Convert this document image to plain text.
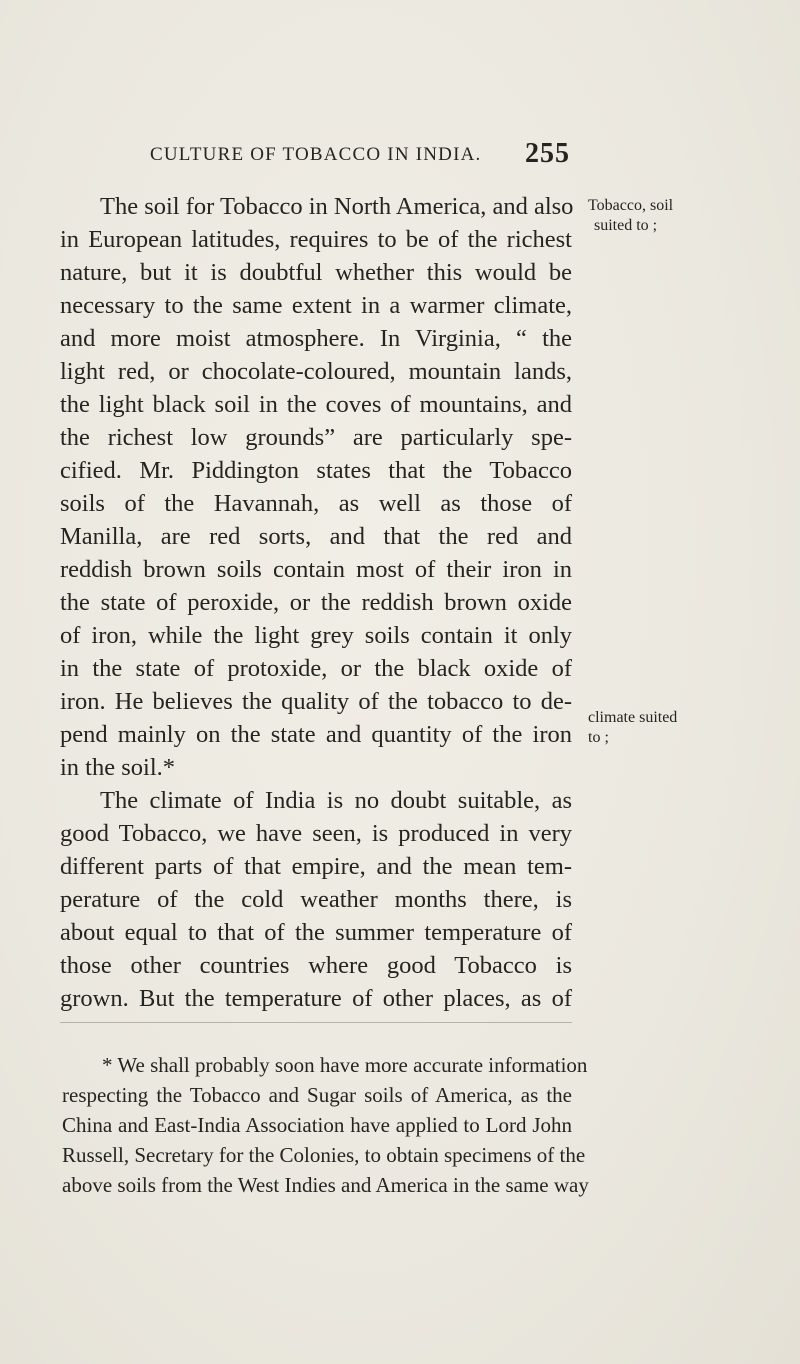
CULTURE OF TOBACCO IN INDIA. 255
The soil for Tobacco in North America, and also
in European latitudes, requires to be of the richest
nature, but it is doubtful whether this would be
necessary to the same extent in a warmer climate,
and more moist atmosphere. In Virginia, “ the
light red, or chocolate-coloured, mountain lands,
the light black soil in the coves of mountains, and
the richest low grounds” are particularly spe-
cified. Mr. Piddington states that the Tobacco
soils of the Havannah, as well as those of
Manilla, are red sorts, and that the red and
reddish brown soils contain most of their iron in
the state of peroxide, or the reddish brown oxide
of iron, while the light grey soils contain it only
in the state of protoxide, or the black oxide of
iron. He believes the quality of the tobacco to de-
pend mainly on the state and quantity of the iron
in the soil.*
The climate of India is no doubt suitable, as
good Tobacco, we have seen, is produced in very
different parts of that empire, and the mean tem-
perature of the cold weather months there, is
about equal to that of the summer temperature of
those other countries where good Tobacco is
grown. But the temperature of other places, as of
* We shall probably soon have more accurate information
respecting the Tobacco and Sugar soils of America, as the
China and East-India Association have applied to Lord John
Russell, Secretary for the Colonies, to obtain specimens of the
above soils from the West Indies and America in the same way
Tobacco, soil
suited to ;
climate suited
to ;
